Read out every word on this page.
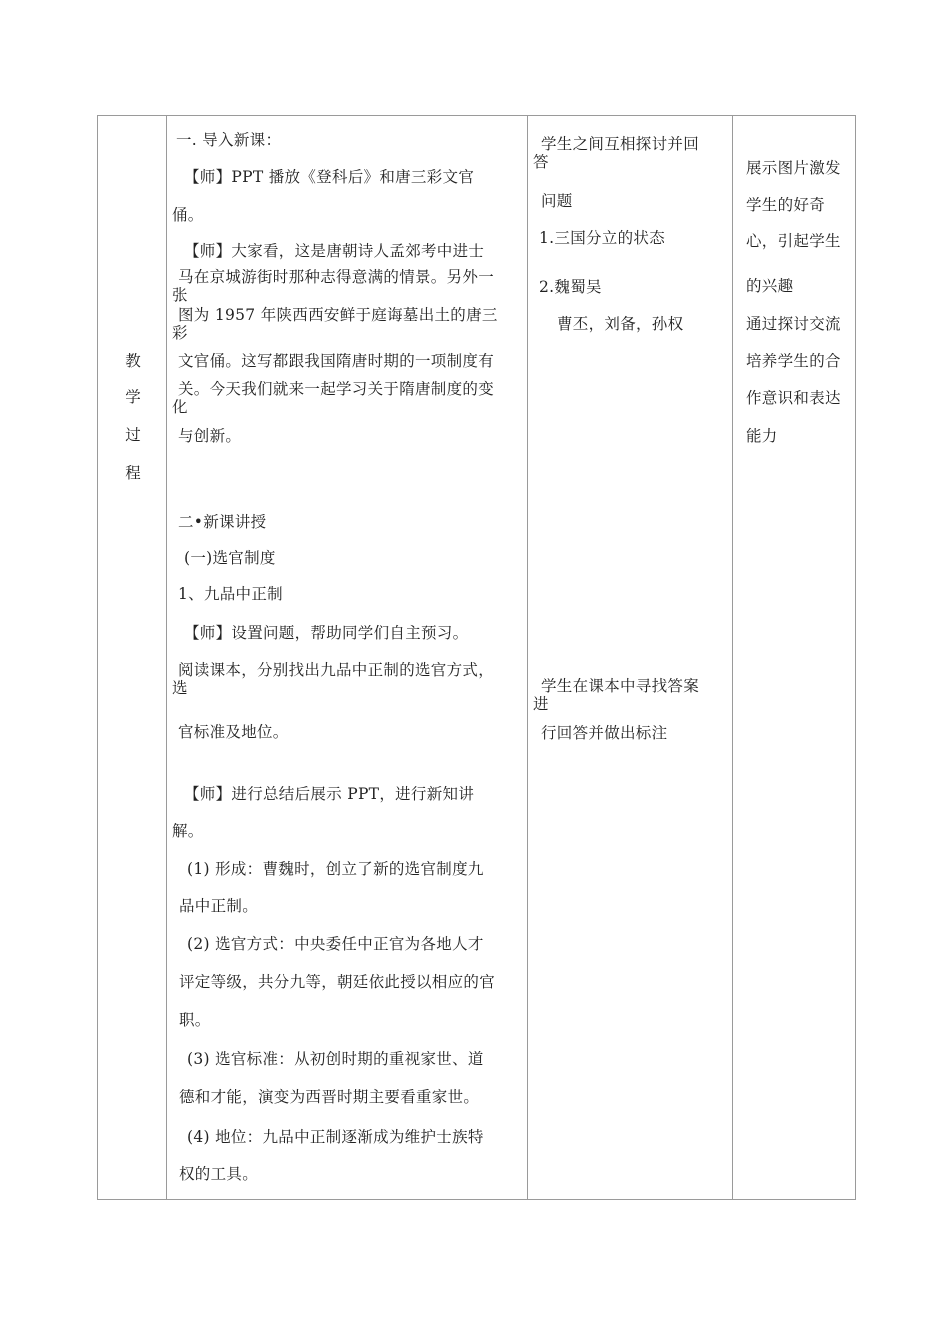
教
学
过
程
一. 导入新课：
【师】PPT 播放《登科后》和唐三彩文官
俑。
【师】大家看，这是唐朝诗人孟郊考中进士
马在京城游街时那种志得意满的情景。另外一
张
图为 1957 年陕西西安鲜于庭诲墓出土的唐三
彩
文官俑。这写都跟我国隋唐时期的一项制度有
关。今天我们就来一起学习关于隋唐制度的变
化
与创新。
二•新课讲授
(一)选官制度
1、九品中正制
【师】设置问题，帮助同学们自主预习。
阅读课本，分别找出九品中正制的选官方式，
选
官标准及地位。
【师】进行总结后展示 PPT，进行新知讲
解。
(1) 形成：曹魏时，创立了新的选官制度九
品中正制。
(2) 选官方式：中央委任中正官为各地人才
评定等级，共分九等，朝廷依此授以相应的官
职。
(3) 选官标准：从初创时期的重视家世、道
德和才能，演变为西晋时期主要看重家世。
(4) 地位：九品中正制逐渐成为维护士族特
权的工具。
学生之间互相探讨并回
答
问题
1.三国分立的状态
2.魏蜀吴
曹丕，刘备，孙权
学生在课本中寻找答案
进
行回答并做出标注
展示图片激发
学生的好奇
心，引起学生
的兴趣
通过探讨交流
培养学生的合
作意识和表达
能力
